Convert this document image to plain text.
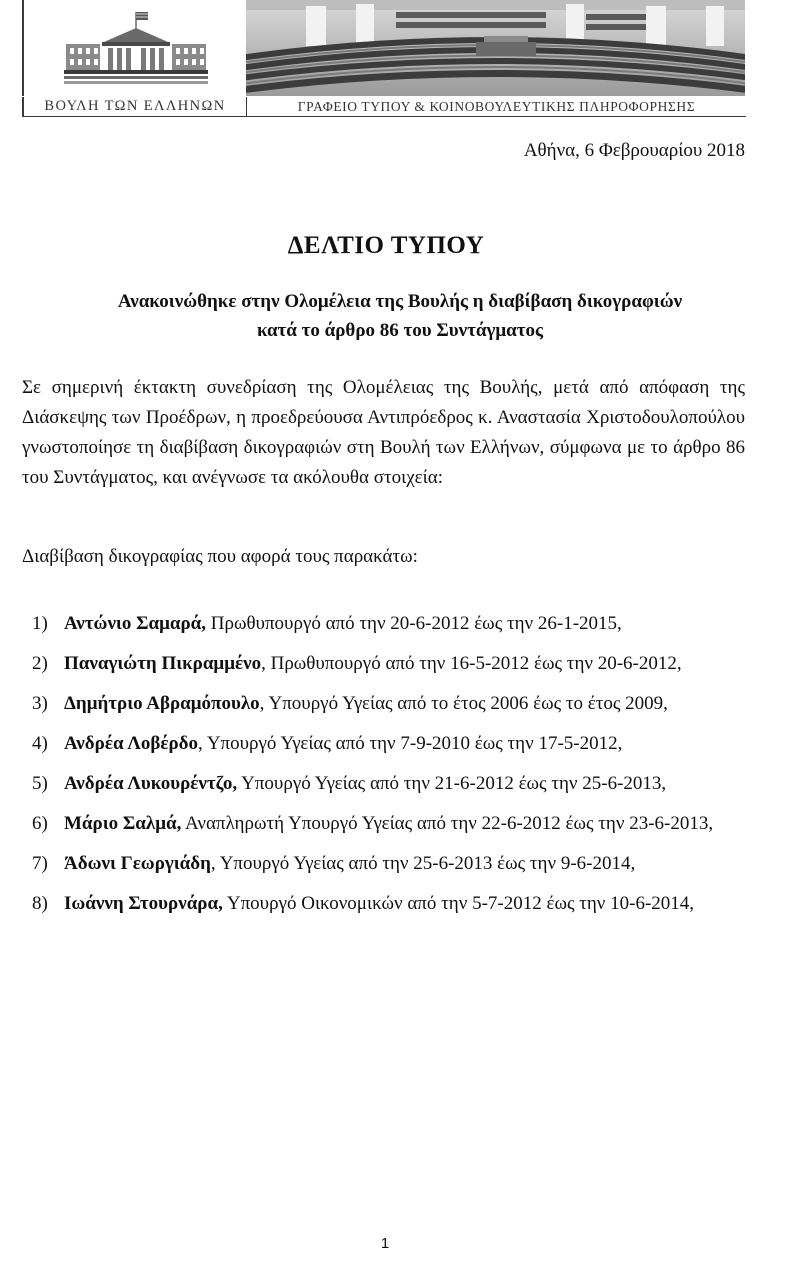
ΒΟΥΛΗ ΤΩΝ ΕΛΛΗΝΩΝ	ΓΡΑΦΕΙΟ ΤΥΠΟΥ & ΚΟΙΝΟΒΟΥΛΕΥΤΙΚΗΣ ΠΛΗΡΟΦΟΡΗΣΗΣ
Αθήνα, 6 Φεβρουαρίου 2018
ΔΕΛΤΙΟ ΤΥΠΟΥ
Ανακοινώθηκε στην Ολομέλεια της Βουλής η διαβίβαση δικογραφιών
κατά το άρθρο 86 του Συντάγματος

Σε σημερινή έκτακτη συνεδρίαση της Ολομέλειας της Βουλής, μετά από απόφαση της Διάσκεψης των Προέδρων, η προεδρεύουσα Αντιπρόεδρος κ. Αναστασία Χριστοδουλοπούλου γνωστοποίησε τη διαβίβαση δικογραφιών στη Βουλή των Ελλήνων, σύμφωνα με το άρθρο 86 του Συντάγματος, και ανέγνωσε τα ακόλουθα στοιχεία:

Διαβίβαση δικογραφίας που αφορά τους παρακάτω:

1) Αντώνιο Σαμαρά, Πρωθυπουργό από την 20-6-2012 έως την 26-1-2015,
2) Παναγιώτη Πικραμμένο, Πρωθυπουργό από την 16-5-2012 έως την 20-6-2012,
3) Δημήτριο Αβραμόπουλο, Υπουργό Υγείας από το έτος 2006 έως το έτος 2009,
4) Ανδρέα Λοβέρδο, Υπουργό Υγείας από την 7-9-2010 έως την 17-5-2012,
5) Ανδρέα Λυκουρέντζο, Υπουργό Υγείας από την 21-6-2012 έως την 25-6-2013,
6) Μάριο Σαλμά, Αναπληρωτή Υπουργό Υγείας από την 22-6-2012 έως την 23-6-2013,
7) Άδωνι Γεωργιάδη, Υπουργό Υγείας από την 25-6-2013 έως την 9-6-2014,
8) Ιωάννη Στουρνάρα, Υπουργό Οικονομικών από την 5-7-2012 έως την 10-6-2014,
1
